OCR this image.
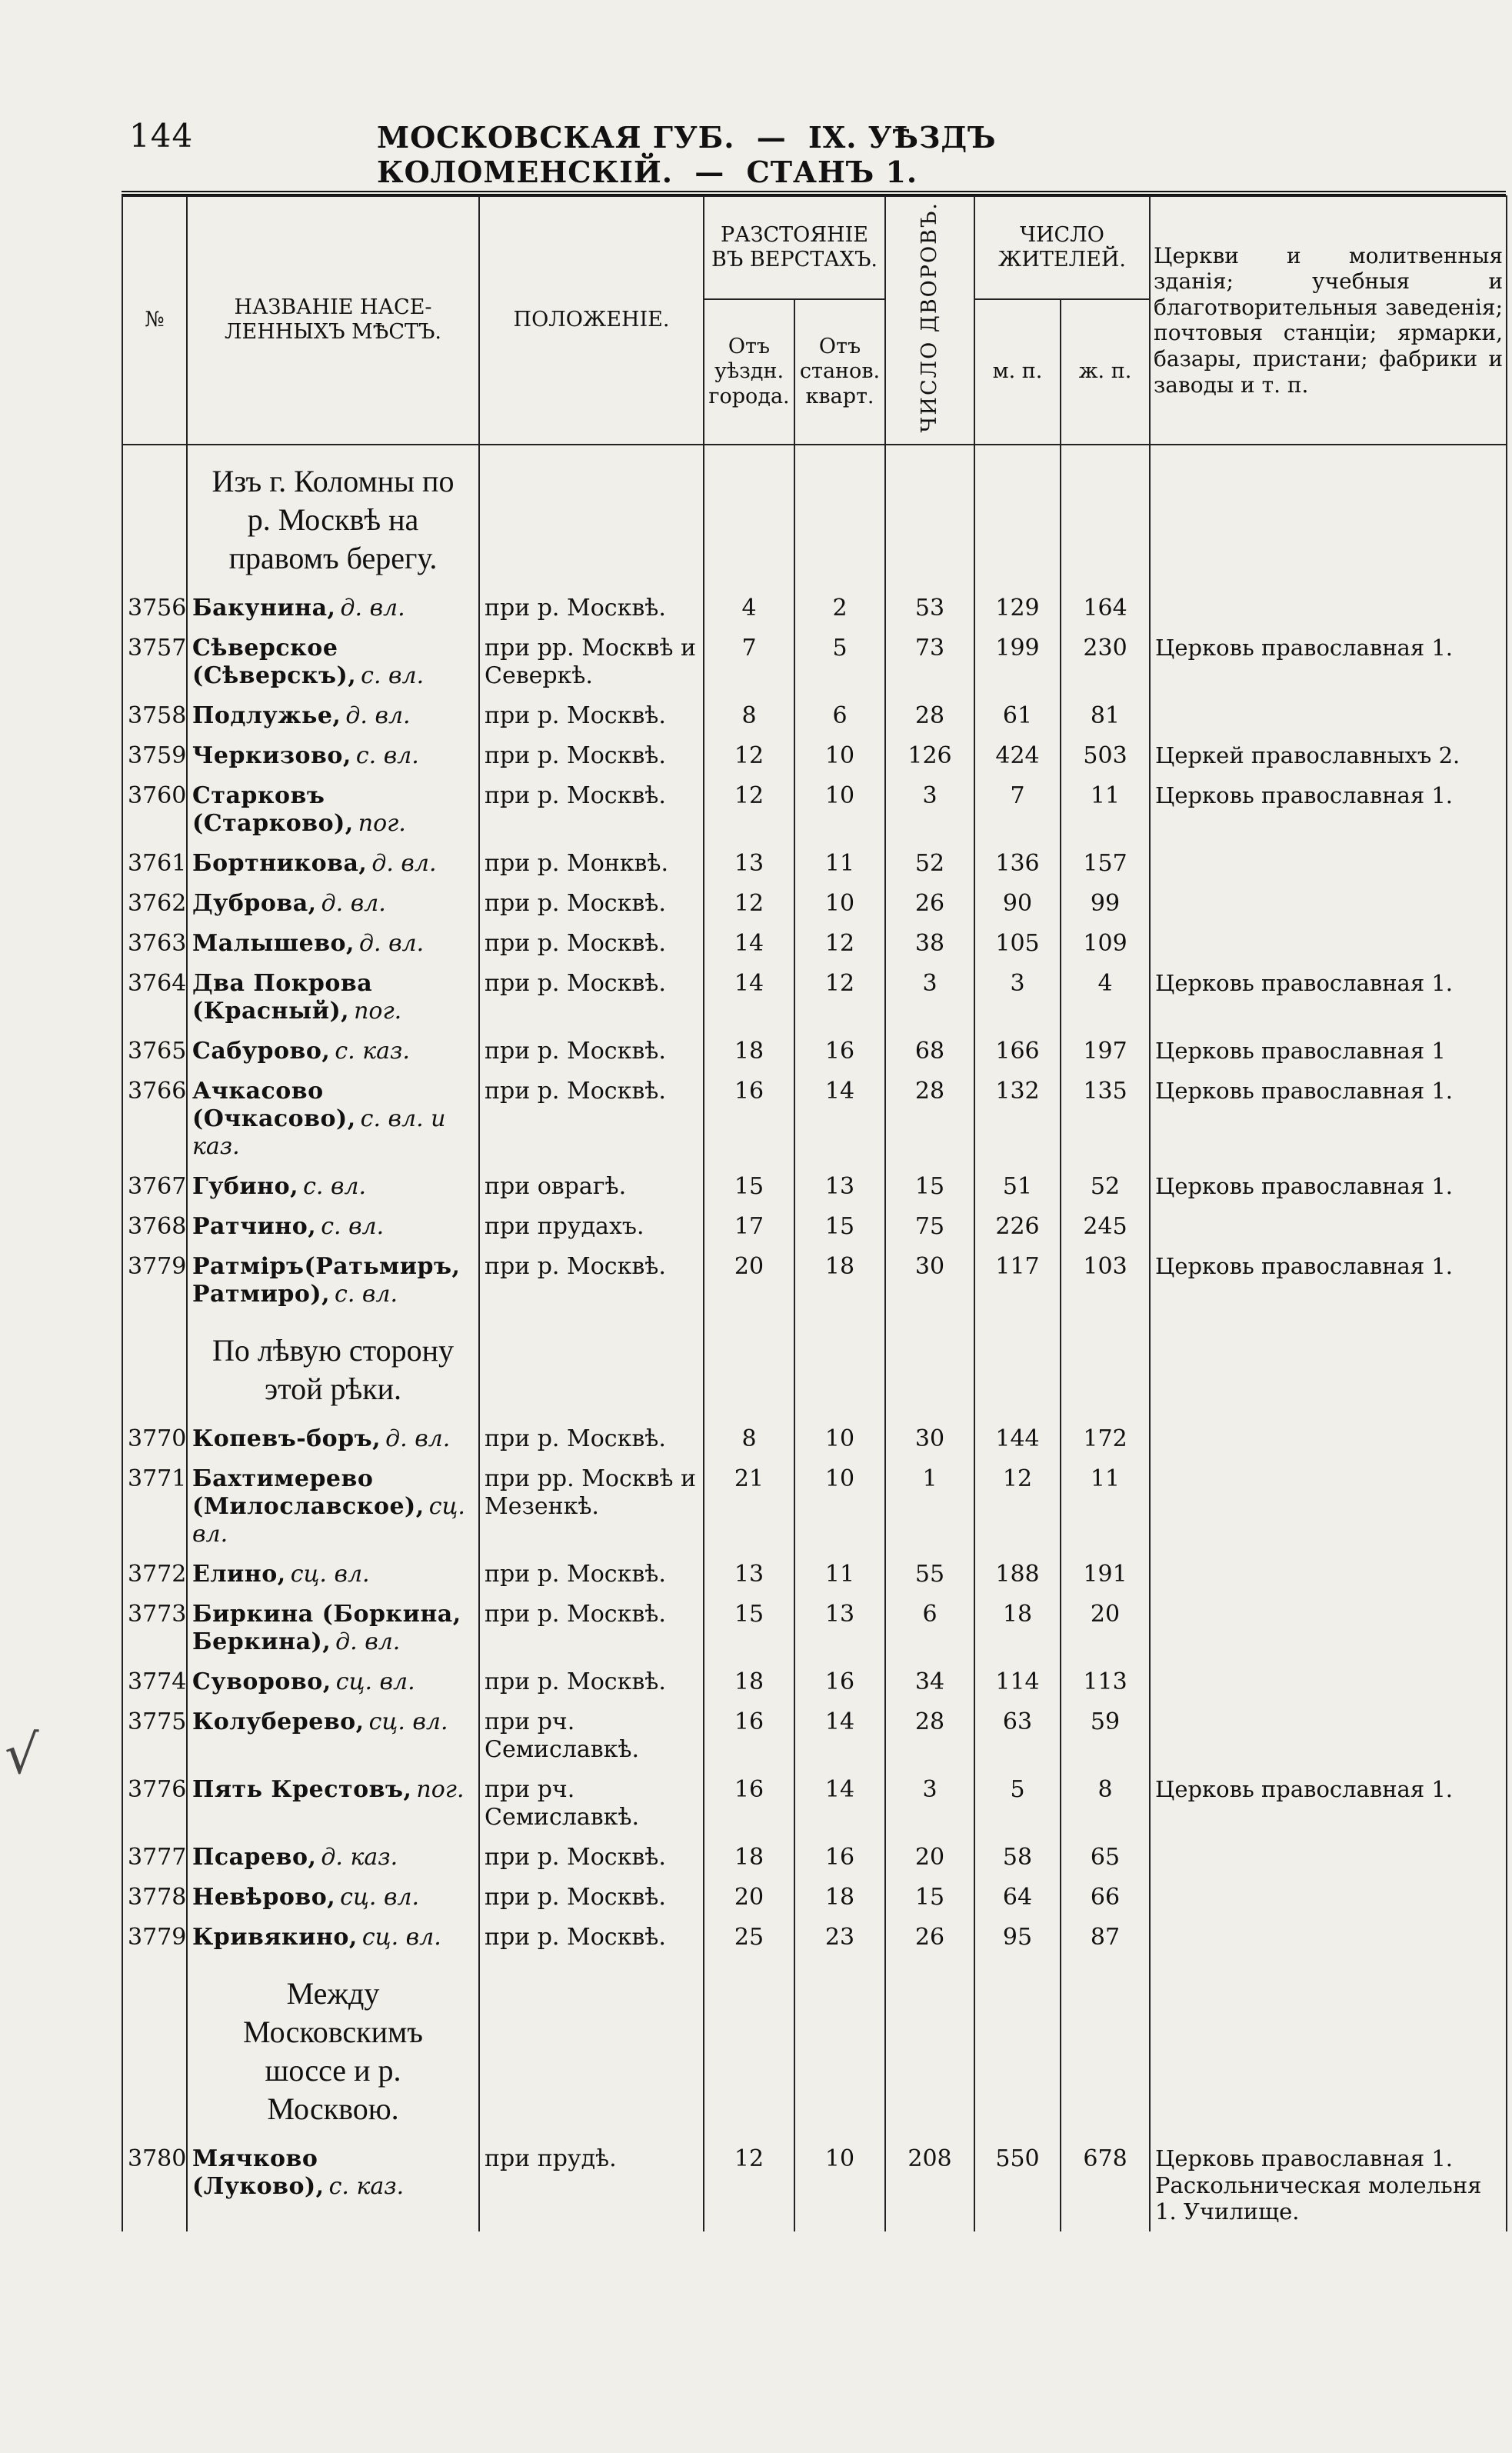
144	МОСКОВСКАЯ ГУБ. — IX. УѢЗДЪ КОЛОМЕНСКІЙ. — СТАНЪ 1.
√
№	НАЗВАНІЕ НАСЕ-ЛЕННЫХЪ МѢСТЪ.	ПОЛОЖЕНІЕ.	РАЗСТОЯНІЕ ВЪ ВЕРСТАХЪ.		ЧИСЛО ДВОРОВЪ.	ЧИСЛО ЖИТЕЛЕЙ.		Церкви и молитвенныя зданія; учебныя и благотворительныя заведенія; почтовыя станціи; ярмарки, базары, пристани; фабрики и заводы и т. п.
			Отъ уѣздн. города.	Отъ станов. кварт.		м. п.	ж. п.	
	Изъ г. Коломны по р. Москвѣ на правомъ берегу.							
3756	Бакунина, д. вл.	при р. Москвѣ.	4	2	53	129	164	
3757	Сѣверское (Сѣверскъ), с. вл.	при рр. Москвѣ и Северкѣ.	7	5	73	199	230	Церковь православная 1.
3758	Подлужье, д. вл.	при р. Москвѣ.	8	6	28	61	81	
3759	Черкизово, с. вл.	при р. Москвѣ.	12	10	126	424	503	Церкей православныхъ 2.
3760	Старковъ (Старково), пог.	при р. Москвѣ.	12	10	3	7	11	Церковь православная 1.
3761	Бортникова, д. вл.	при р. Монквѣ.	13	11	52	136	157	
3762	Дуброва, д. вл.	при р. Москвѣ.	12	10	26	90	99	
3763	Малышево, д. вл.	при р. Москвѣ.	14	12	38	105	109	
3764	Два Покрова (Красный), пог.	при р. Москвѣ.	14	12	3	3	4	Церковь православная 1.
3765	Сабурово, с. каз.	при р. Москвѣ.	18	16	68	166	197	Церковь православная 1
3766	Ачкасово (Очкасово), с. вл. и каз.	при р. Москвѣ.	16	14	28	132	135	Церковь православная 1.
3767	Губино, с. вл.	при оврагѣ.	15	13	15	51	52	Церковь православная 1.
3768	Ратчино, с. вл.	при прудахъ.	17	15	75	226	245	
3779	Ратміръ(Ратьмиръ, Ратмиро), с. вл.	при р. Москвѣ.	20	18	30	117	103	Церковь православная 1.
	По лѣвую сторону этой рѣки.							
3770	Копевъ-боръ, д. вл.	при р. Москвѣ.	8	10	30	144	172	
3771	Бахтимерево (Милославское), сц. вл.	при рр. Москвѣ и Мезенкѣ.	21	10	1	12	11	
3772	Елино, сц. вл.	при р. Москвѣ.	13	11	55	188	191	
3773	Биркина (Боркина, Беркина), д. вл.	при р. Москвѣ.	15	13	6	18	20	
3774	Суворово, сц. вл.	при р. Москвѣ.	18	16	34	114	113	
3775	Колуберево, сц. вл.	при рч. Семиславкѣ.	16	14	28	63	59	
3776	Пять Крестовъ, пог.	при рч. Семиславкѣ.	16	14	3	5	8	Церковь православная 1.
3777	Псарево, д. каз.	при р. Москвѣ.	18	16	20	58	65	
3778	Невѣрово, сц. вл.	при р. Москвѣ.	20	18	15	64	66	
3779	Кривякино, сц. вл.	при р. Москвѣ.	25	23	26	95	87	
	Между Московскимъ шоссе и р. Москвою.							
3780	Мячково (Луково), с. каз.	при прудѣ.	12	10	208	550	678	Церковь православная 1. Раскольническая молельня 1. Училище.
